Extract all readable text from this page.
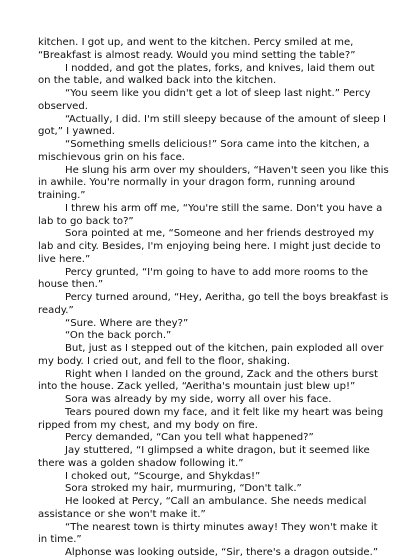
kitchen. I got up, and went to the kitchen. Percy smiled at me, “Breakfast is almost ready. Would you mind setting the table?”

I nodded, and got the plates, forks, and knives, laid them out on the table, and walked back into the kitchen.

“You seem like you didn't get a lot of sleep last night.” Percy observed.

“Actually, I did. I'm still sleepy because of the amount of sleep I got,” I yawned.

“Something smells delicious!” Sora came into the kitchen, a mischievous grin on his face.

He slung his arm over my shoulders, “Haven't seen you like this in awhile. You're normally in your dragon form, running around training.”

I threw his arm off me, “You're still the same. Don't you have a lab to go back to?”

Sora pointed at me, “Someone and her friends destroyed my lab and city. Besides, I'm enjoying being here. I might just decide to live here.”

Percy grunted, “I'm going to have to add more rooms to the house then.”

Percy turned around, “Hey, Aeritha, go tell the boys breakfast is ready.”

“Sure. Where are they?”

“On the back porch.”

But, just as I stepped out of the kitchen, pain exploded all over my body. I cried out, and fell to the floor, shaking.

Right when I landed on the ground, Zack and the others burst into the house. Zack yelled, “Aeritha's mountain just blew up!”

Sora was already by my side, worry all over his face.

Tears poured down my face, and it felt like my heart was being ripped from my chest, and my body on fire.

Percy demanded, “Can you tell what happened?”

Jay stuttered, “I glimpsed a white dragon, but it seemed like there was a golden shadow following it.”

I choked out, “Scourge, and Shykdas!”

Sora stroked my hair, murmuring, “Don't talk.”

He looked at Percy, “Call an ambulance. She needs medical assistance or she won't make it.”

“The nearest town is thirty minutes away! They won't make it in time.”

Alphonse was looking outside, “Sir, there's a dragon outside.”
